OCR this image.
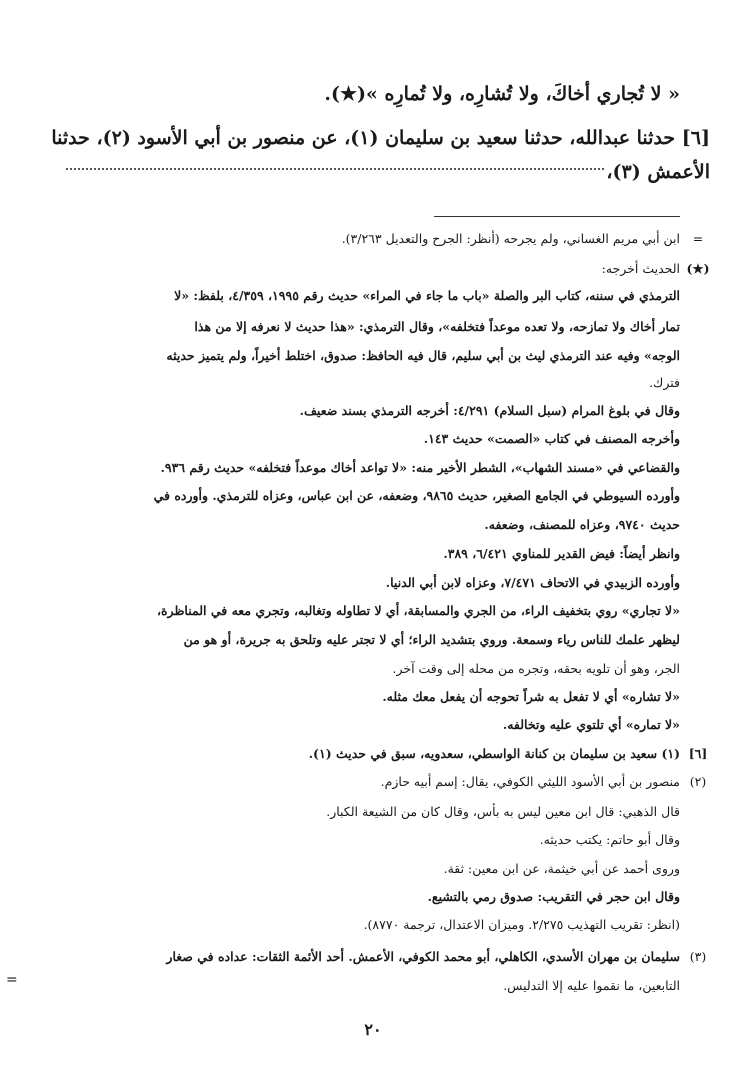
« لا تُجاري أخاكَ، ولا تُشارِه، ولا تُمارِه »(★).
[٦] حدثنا عبدالله، حدثنا سعيد بن سليمان (١)، عن منصور بن أبي الأسود (٢)، حدثنا
الأعمش (٣)،
=
(★)
[٦]
(٢)
(٣)
ابن أبي مريم الغساني، ولم يجرحه (أنظر: الجرح والتعديل ٣/٢٦٣).
الحديث أخرجه:
الترمذي في سننه، كتاب البر والصلة «باب ما جاء في المراء» حديث رقم ١٩٩٥، ٤/٣٥٩، بلفظ: «لا
تمار أخاك ولا تمازحه، ولا تعده موعداً فتخلفه»، وقال الترمذي: «هذا حديث لا نعرفه إلا من هذا
الوجه» وفيه عند الترمذي ليث بن أبي سليم، قال فيه الحافظ: صدوق، اختلط أخيراً، ولم يتميز حديثه
فترك.
وقال في بلوغ المرام (سبل السلام) ٤/٢٩١: أخرجه الترمذي بسند ضعيف.
وأخرجه المصنف في كتاب «الصمت» حديث ١٤٣.
والقضاعي في «مسند الشهاب»، الشطر الأخير منه: «لا تواعد أخاك موعداً فتخلفه» حديث رقم ٩٣٦.
وأورده السيوطي في الجامع الصغير، حديث ٩٨٦٥، وضعفه، عن ابن عباس، وعزاه للترمذي. وأورده في
حديث ٩٧٤٠، وعزاه للمصنف، وضعفه.
وانظر أيضاً: فيض القدير للمناوي ٦/٤٢١، ٣٨٩.
وأورده الزبيدي في الاتحاف ٧/٤٧١، وعزاه لابن أبي الدنيا.
«لا تجاري» روي بتخفيف الراء، من الجري والمسابقة، أي لا تطاوله وتغالبه، وتجري معه في المناظرة،
ليظهر علمك للناس رياء وسمعة. وروي بتشديد الراء؛ أي لا تجتر عليه وتلحق به جريرة، أو هو من
الجر، وهو أن تلويه بحقه، وتجره من محله إلى وقت آخر.
«لا تشاره» أي لا تفعل به شراً تحوجه أن يفعل معك مثله.
«لا تماره» أي تلتوي عليه وتخالفه.
(١) سعيد بن سليمان بن كنانة الواسطي، سعدويه، سبق في حديث (١).
منصور بن أبي الأسود الليثي الكوفي، يقال: إسم أبيه حازم.
قال الذهبي: قال ابن معين ليس به بأس، وقال كان من الشيعة الكبار.
وقال أبو حاتم: يكتب حديثه.
وروى أحمد عن أبي خيثمة، عن ابن معين: ثقة.
وقال ابن حجر في التقريب: صدوق رمي بالتشيع.
(انظر: تقريب التهذيب ٢/٢٧٥. وميزان الاعتدال، ترجمة ٨٧٧٠).
سليمان بن مهران الأسدي، الكاهلي، أبو محمد الكوفي، الأعمش. أحد الأئمة الثقات: عداده في صغار
التابعين، ما نقموا عليه إلا التدليس.
=
٢٠
